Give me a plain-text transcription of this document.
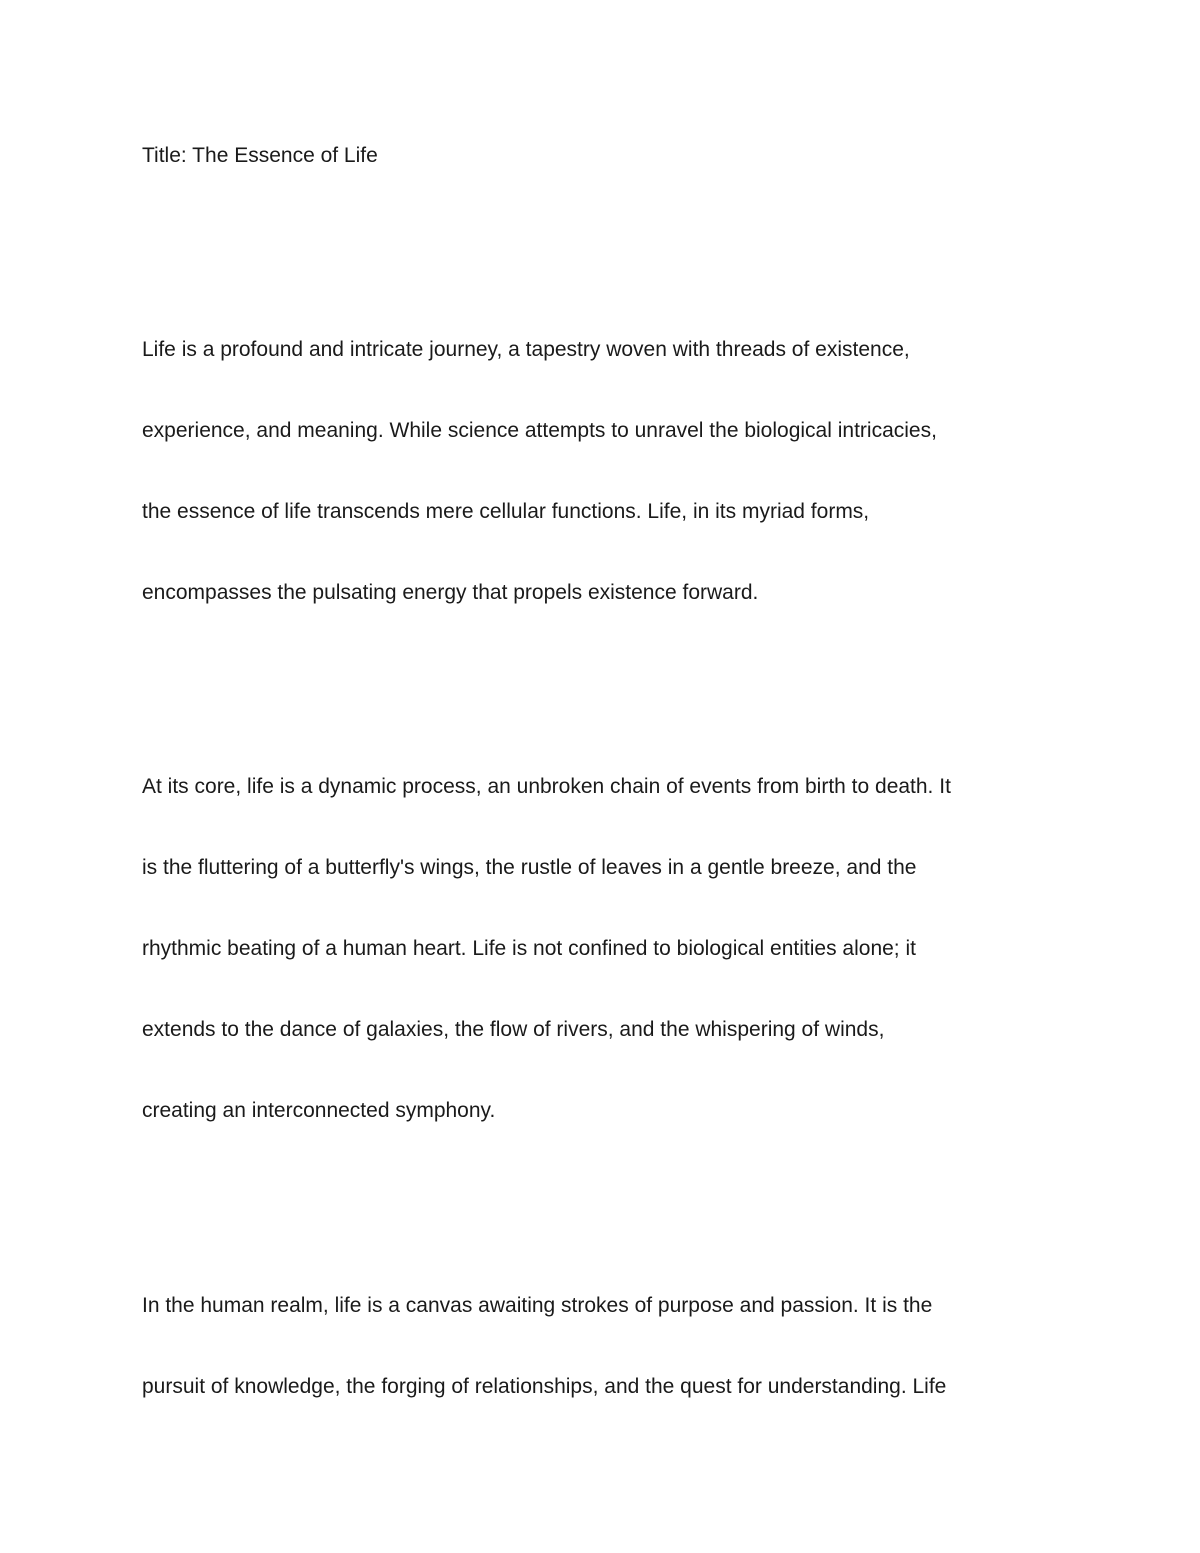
Title: The Essence of Life

Life is a profound and intricate journey, a tapestry woven with threads of existence,

experience, and meaning. While science attempts to unravel the biological intricacies,

the essence of life transcends mere cellular functions. Life, in its myriad forms,

encompasses the pulsating energy that propels existence forward.

At its core, life is a dynamic process, an unbroken chain of events from birth to death. It

is the fluttering of a butterfly's wings, the rustle of leaves in a gentle breeze, and the

rhythmic beating of a human heart. Life is not confined to biological entities alone; it

extends to the dance of galaxies, the flow of rivers, and the whispering of winds,

creating an interconnected symphony.

In the human realm, life is a canvas awaiting strokes of purpose and passion. It is the

pursuit of knowledge, the forging of relationships, and the quest for understanding. Life
